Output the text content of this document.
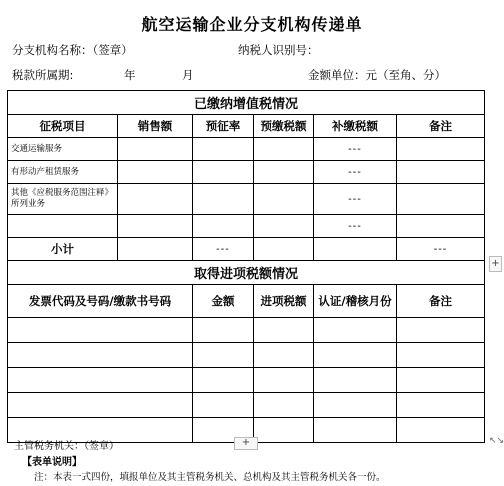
航空运输企业分支机构传递单
分支机构名称：（签章）	纳税人识别号：
税款所属期:	年	月	金额单位：元（至角、分）
已缴纳增值税情况					
征税项目	销售额	预征率	预缴税额	补缴税额	备注
交通运输服务				---	
有形动产租赁服务				---	
其他《应税服务范围注释》所列业务				---	
				---	
小计		---			---
取得进项税额情况					
发票代码及号码/缴款书号码		金额	进项税额	认证/稽核月份	备注

+
主管税务机关：（签章）	+	↖↘
【表单说明】
注：本表一式四份，填报单位及其主管税务机关、总机构及其主管税务机关各一份。
